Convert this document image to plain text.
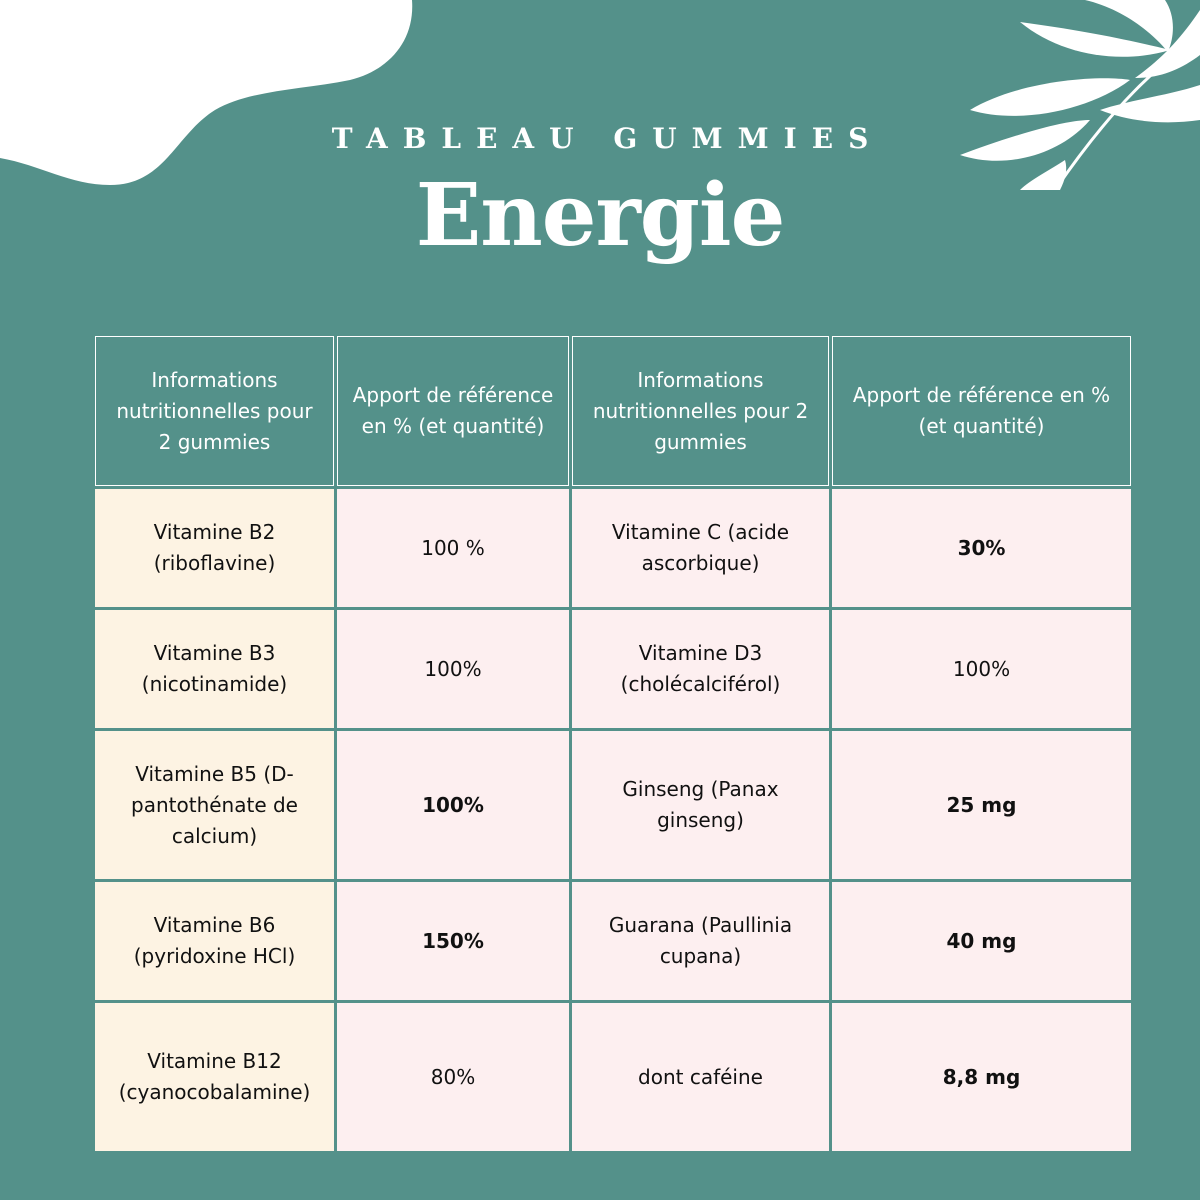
TABLEAU GUMMIES
Energie
Informations nutritionnelles pour 2 gummies
Apport de référence en % (et quantité)
Informations nutritionnelles pour 2 gummies
Apport de référence en % (et quantité)
Vitamine B2 (riboflavine)
100 %
Vitamine C (acide ascorbique)
30%
Vitamine B3 (nicotinamide)
100%
Vitamine D3 (cholécalciférol)
100%
Vitamine B5 (D-pantothénate de calcium)
100%
Ginseng (Panax ginseng)
25 mg
Vitamine B6 (pyridoxine HCl)
150%
Guarana (Paullinia cupana)
40 mg
Vitamine B12 (cyanocobalamine)
80%	dont caféine	8,8 mg
